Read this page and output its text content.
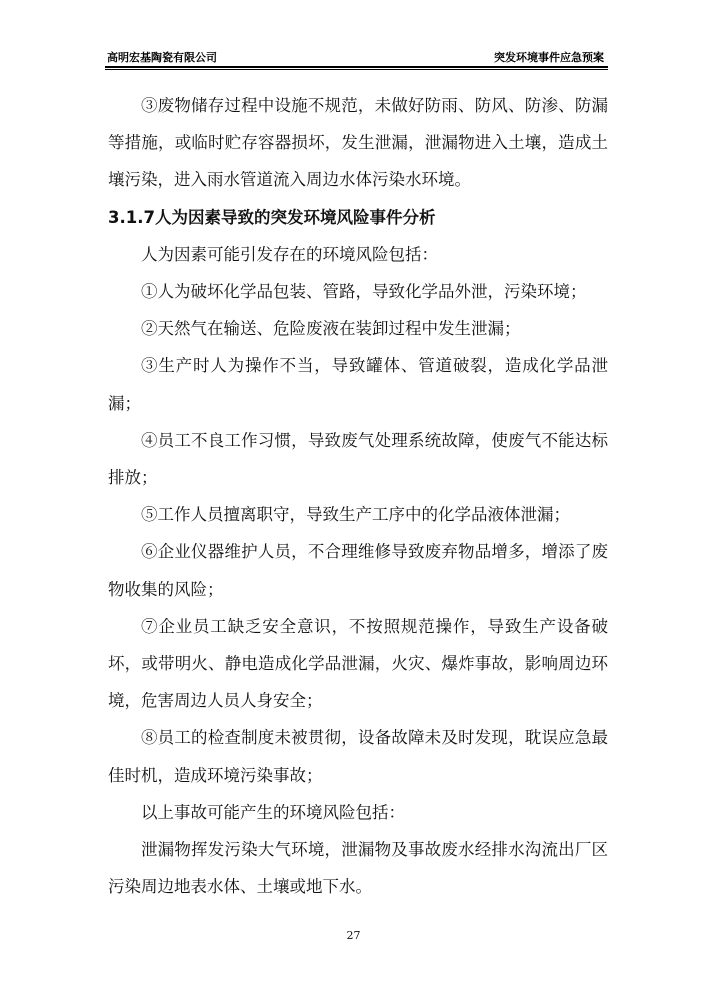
高明宏基陶瓷有限公司	突发环境事件应急预案

③废物储存过程中设施不规范，未做好防雨、防风、防渗、防漏等措施，或临时贮存容器损坏，发生泄漏，泄漏物进入土壤，造成土壤污染，进入雨水管道流入周边水体污染水环境。

3.1.7人为因素导致的突发环境风险事件分析

人为因素可能引发存在的环境风险包括：

①人为破坏化学品包装、管路，导致化学品外泄，污染环境；

②天然气在输送、危险废液在装卸过程中发生泄漏；

③生产时人为操作不当，导致罐体、管道破裂，造成化学品泄漏；

④员工不良工作习惯，导致废气处理系统故障，使废气不能达标排放；

⑤工作人员擅离职守，导致生产工序中的化学品液体泄漏；

⑥企业仪器维护人员，不合理维修导致废弃物品增多，增添了废物收集的风险；

⑦企业员工缺乏安全意识，不按照规范操作，导致生产设备破坏，或带明火、静电造成化学品泄漏，火灾、爆炸事故，影响周边环境，危害周边人员人身安全；

⑧员工的检查制度未被贯彻，设备故障未及时发现，耽误应急最佳时机，造成环境污染事故；

以上事故可能产生的环境风险包括：

泄漏物挥发污染大气环境，泄漏物及事故废水经排水沟流出厂区污染周边地表水体、土壤或地下水。

27
